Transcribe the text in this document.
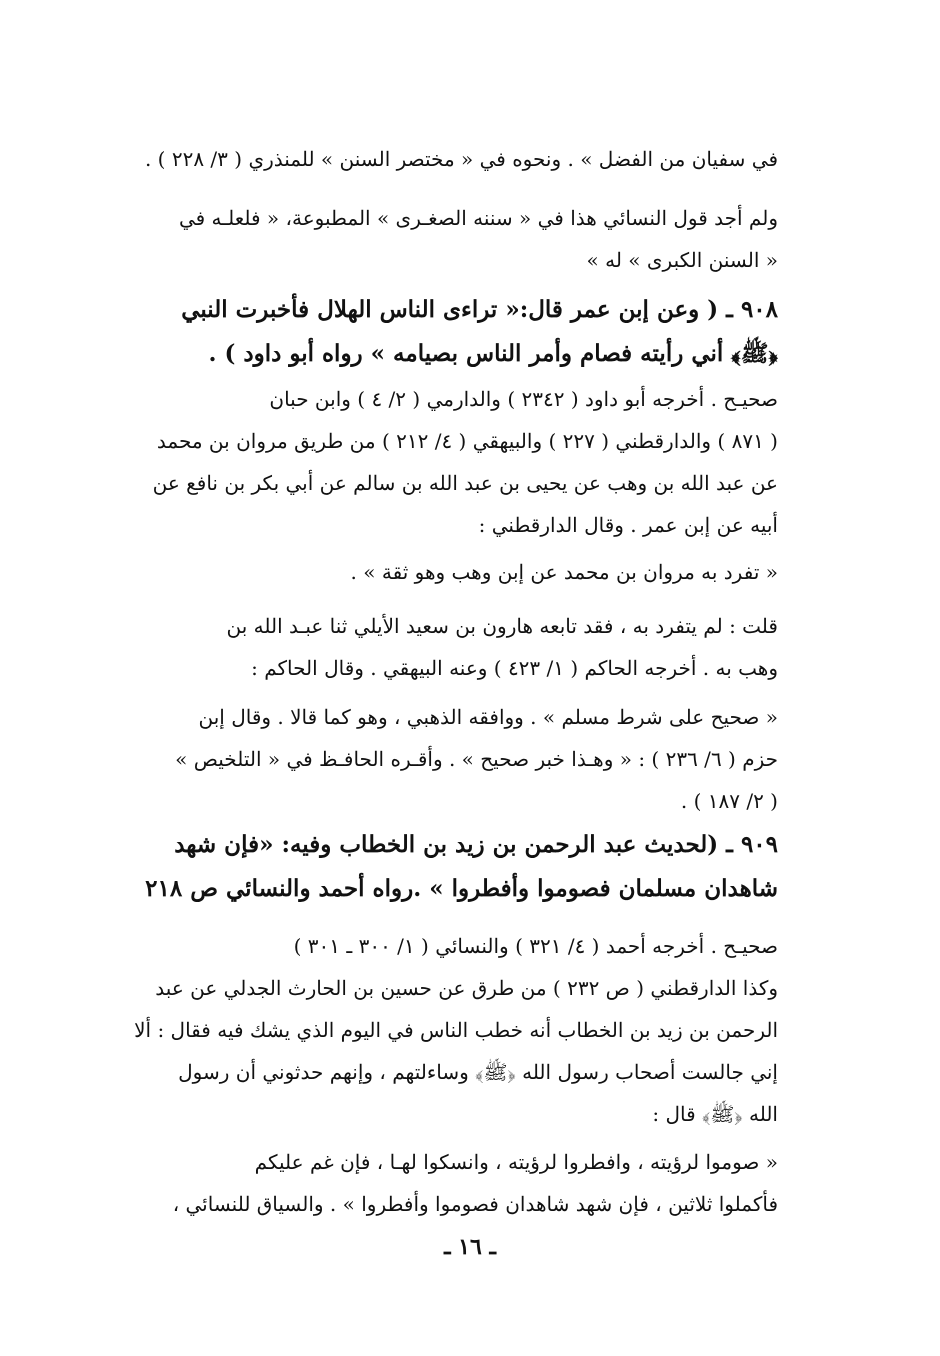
في سفيان من الفضل » . ونحوه في « مختصر السنن » للمنذري ( ٣/ ٢٢٨ ) .
ولم أجد قول النسائي هذا في « سننه الصغـرى » المطبوعة، « فلعلـه في
« السنن الكبرى » له »
٩٠٨ ـ ( وعن إبن عمر قال:« تراءى الناس الهلال فأخبرت النبي
﴿ﷺ﴾ أني رأيته فصام وأمر الناس بصيامه » رواه أبو داود ) .
صحيـح . أخرجه أبو داود ( ٢٣٤٢ ) والدارمي ( ٢/ ٤ ) وابن حبان
( ٨٧١ ) والدارقطني ( ٢٢٧ ) والبيهقي ( ٤/ ٢١٢ ) من طريق مروان بن محمد
عن عبد الله بن وهب عن يحيى بن عبد الله بن سالم عن أبي بكر بن نافع عن
أبيه عن إبن عمر . وقال الدارقطني :
« تفرد به مروان بن محمد عن إبن وهب وهو ثقة » .
قلت : لم يتفرد به ، فقد تابعه هارون بن سعيد الأيلي ثنا عبـد الله بن
وهب به . أخرجه الحاكم ( ١/ ٤٢٣ ) وعنه البيهقي . وقال الحاكم :
« صحيح على شرط مسلم » . ووافقه الذهبي ، وهو كما قالا . وقال إبن
حزم ( ٦/ ٢٣٦ ) : « وهـذا خبر صحيح » . وأقـره الحافـظ في « التلخيص »
( ٢/ ١٨٧ ) .
٩٠٩ ـ (لحديث عبد الرحمن بن زيد بن الخطاب وفيه: «فإن شهد
شاهدان مسلمان فصوموا وأفطروا » .رواه أحمد والنسائي ص ٢١٨
صحيـح . أخرجه أحمد ( ٤/ ٣٢١ ) والنسائي ( ١/ ٣٠٠ ـ ٣٠١ )
وكذا الدارقطني ( ص ٢٣٢ ) من طرق عن حسين بن الحارث الجدلي عن عبد
الرحمن بن زيد بن الخطاب أنه خطب الناس في اليوم الذي يشك فيه فقال : ألا
إني جالست أصحاب رسول الله ﴿ﷺ﴾ وساءلتهم ، وإنهم حدثوني أن رسول
الله ﴿ﷺ﴾ قال :
« صوموا لرؤيته ، وافطروا لرؤيته ، وانسكوا لهـا ، فإن غم عليكم
فأكملوا ثلاثين ، فإن شهد شاهدان فصوموا وأفطروا » . والسياق للنسائي ،
ـ ١٦ ـ
